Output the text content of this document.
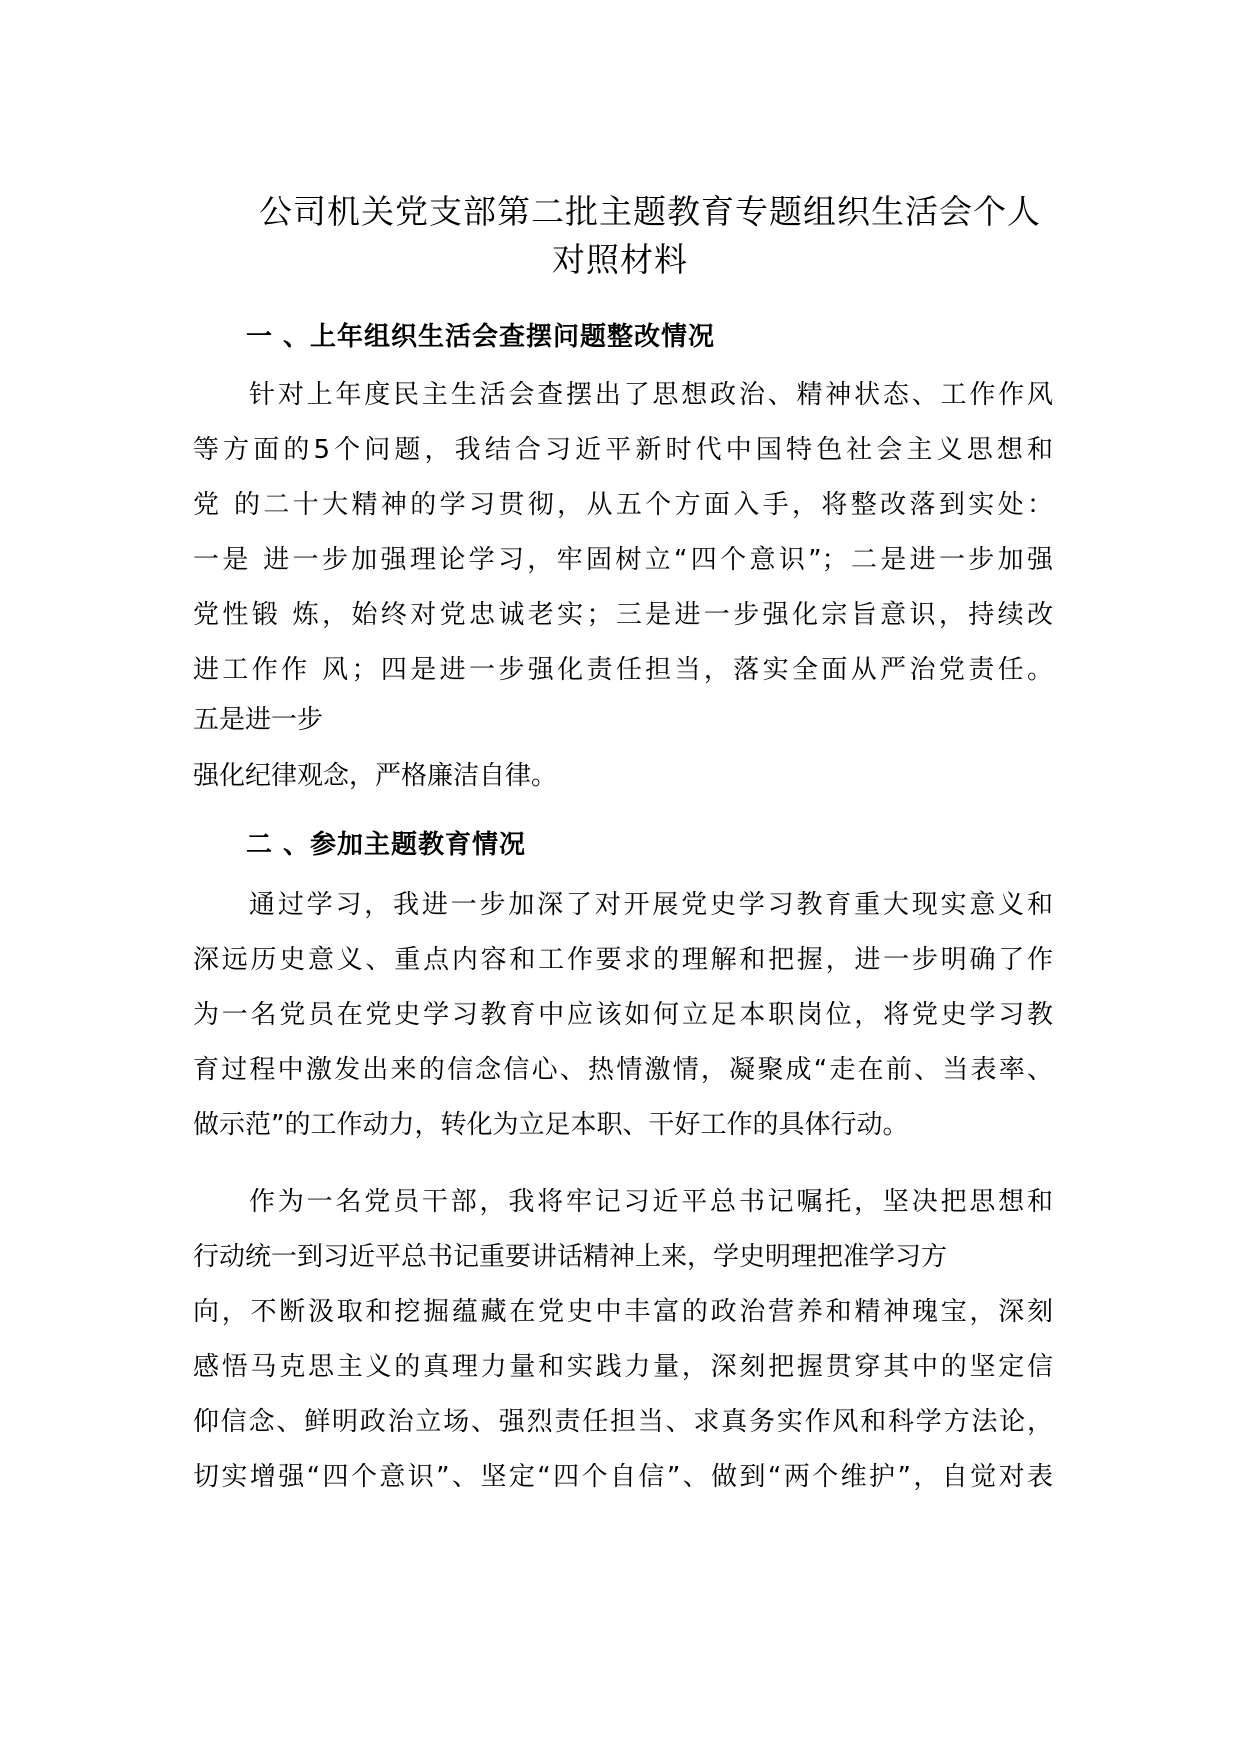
公司机关党支部第二批主题教育专题组织生活会个人
对照材料
一 、上年组织生活会查摆问题整改情况

针对上年度民主生活会查摆出了思想政治、精神状态、工作作风

等方面的5个问题，我结合习近平新时代中国特色社会主义思想和

党 的二十大精神的学习贯彻，从五个方面入手，将整改落到实处：

一是 进一步加强理论学习，牢固树立“四个意识”；二是进一步加强

党性锻 炼，始终对党忠诚老实；三是进一步强化宗旨意识，持续改

进工作作 风；四是进一步强化责任担当，落实全面从严治党责任。

五是进一步

强化纪律观念，严格廉洁自律。

二 、参加主题教育情况

通过学习，我进一步加深了对开展党史学习教育重大现实意义和

深远历史意义、重点内容和工作要求的理解和把握，进一步明确了作

为一名党员在党史学习教育中应该如何立足本职岗位，将党史学习教

育过程中激发出来的信念信心、热情激情，凝聚成“走在前、当表率、

做示范”的工作动力，转化为立足本职、干好工作的具体行动。

作为一名党员干部，我将牢记习近平总书记嘱托，坚决把思想和

行动统一到习近平总书记重要讲话精神上来，学史明理把准学习方

向，不断汲取和挖掘蕴藏在党史中丰富的政治营养和精神瑰宝，深刻

感悟马克思主义的真理力量和实践力量，深刻把握贯穿其中的坚定信

仰信念、鲜明政治立场、强烈责任担当、求真务实作风和科学方法论，

切实增强“四个意识”、坚定“四个自信”、做到“两个维护”，自觉对表
